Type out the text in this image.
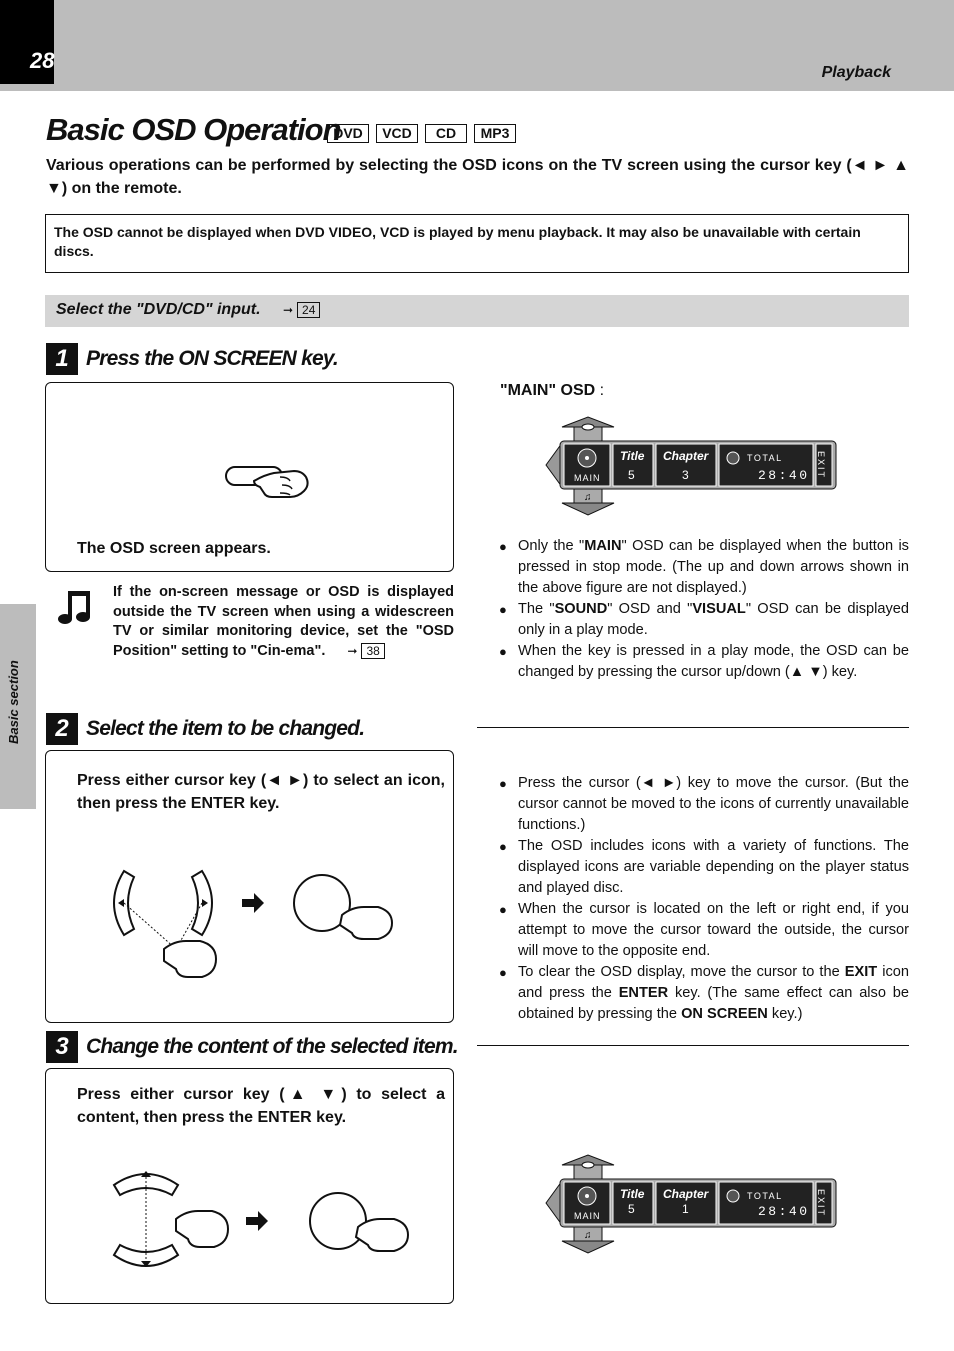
28	Playback
Basic section
Basic OSD Operation
DVD	VCD	CD	MP3
Various operations can be performed by selecting the OSD icons on the TV screen using the cursor key (◄ ► ▲ ▼) on the remote.
The OSD cannot be displayed when DVD VIDEO, VCD is played by menu playback. It may also be unavailable with certain discs.
Select the "DVD/CD" input. ➞ 24
1 Press the ON SCREEN key.
The OSD screen appears.
If the on-screen message or OSD is displayed outside the TV screen when using a widescreen TV or similar monitoring device, set the "OSD Position" setting to "Cin-ema". ➞ 38
"MAIN" OSD :
♫
MAIN
Title
5
Chapter
3
TOTAL
28:40 EXIT
● Only the "MAIN" OSD can be displayed when the button is pressed in stop mode. (The up and down arrows shown in the above figure are not displayed.)
● The "SOUND" OSD and "VISUAL" OSD can be displayed only in a play mode.
● When the key is pressed in a play mode, the OSD can be changed by pressing the cursor up/down (▲ ▼) key.
2 Select the item to be changed.
Press either cursor key (◄ ►) to select an icon, then press the ENTER key.
● Press the cursor (◄ ►) key to move the cursor. (But the cursor cannot be moved to the icons of currently unavailable functions.)
● The OSD includes icons with a variety of functions. The displayed icons are variable depending on the player status and played disc.
● When the cursor is located on the left or right end, if you attempt to move the cursor toward the outside, the cursor will move to the opposite end.
● To clear the OSD display, move the cursor to the EXIT icon and press the ENTER key. (The same effect can also be obtained by pressing the ON SCREEN key.)
3 Change the content of the selected item.
Press either cursor key (▲ ▼) to select a content, then press the ENTER key.
♫
MAIN
Title
5
Chapter
1
TOTAL
28:40 EXIT
